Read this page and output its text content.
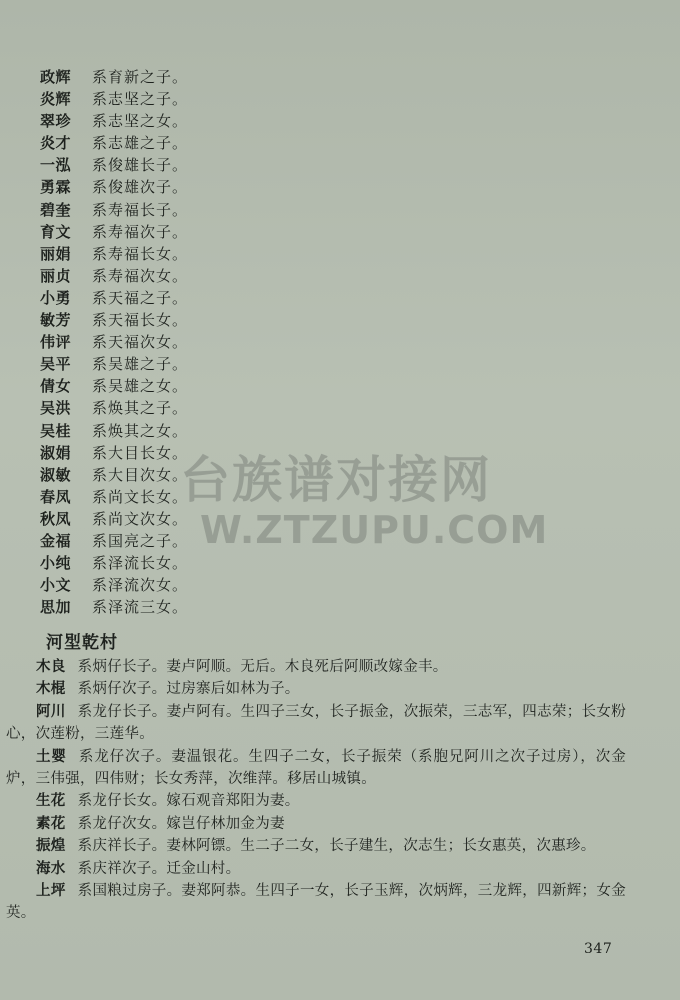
政辉 系育新之子。
炎辉 系志坚之子。
翠珍 系志坚之女。
炎才 系志雄之子。
一泓 系俊雄长子。
勇霖 系俊雄次子。
碧奎 系寿福长子。
育文 系寿福次子。
丽娟 系寿福长女。
丽贞 系寿福次女。
小勇 系天福之子。
敏芳 系天福长女。
伟评 系天福次女。
吴平 系吴雄之子。
倩女 系吴雄之女。
吴洪 系焕其之子。
吴桂 系焕其之女。
淑娟 系大目长女。
淑敏 系大目次女。
春凤 系尚文长女。
秋凤 系尚文次女。
金福 系国亮之子。
小纯 系泽流长女。
小文 系泽流次女。
思加 系泽流三女。
河𡋾乾村

木良 系炳仔长子。妻卢阿顺。无后。木良死后阿顺改嫁金丰。

木棍 系炳仔次子。过房寨后如林为子。

阿川 系龙仔长子。妻卢阿有。生四子三女，长子振金，次振荣，三志军，四志荣；长女粉心，次莲粉，三莲华。

土婴 系龙仔次子。妻温银花。生四子二女，长子振荣（系胞兄阿川之次子过房），次金炉，三伟强，四伟财；长女秀萍，次维萍。移居山城镇。

生花 系龙仔长女。嫁石观音郑阳为妻。

素花 系龙仔次女。嫁岂仔林加金为妻

振煌 系庆祥长子。妻林阿镖。生二子二女，长子建生，次志生；长女惠英，次惠珍。

海水 系庆祥次子。迁金山村。

上坪 系国粮过房子。妻郑阿恭。生四子一女，长子玉辉，次炳辉，三龙辉，四新辉；女金英。

347
台族谱对接网
W.ZTZUPU.COM
